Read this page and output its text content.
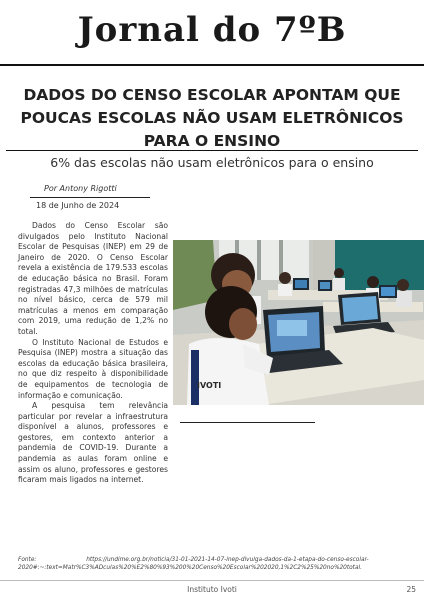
Jornal do 7ºB
DADOS DO CENSO ESCOLAR APONTAM QUE POUCAS ESCOLAS NÃO USAM ELETRÔNICOS PARA O ENSINO
6% das escolas não usam eletrônicos para o ensino
Por Antony Rigotti
18 de Junho de 2024

Dados do Censo Escolar são divulgados pelo Instituto Nacional Escolar de Pesquisas (INEP) em 29 de Janeiro de 2020. O Censo Escolar revela a existência de 179.533 escolas de educação básica no Brasil. Foram registradas 47,3 milhões de matrículas no nível básico, cerca de 579 mil matrículas a menos em comparação com 2019, uma redução de 1,2% no total.

O Instituto Nacional de Estudos e Pesquisa (INEP) mostra a situação das escolas da educação básica brasileira, no que diz respeito à disponibilidade de equipamentos de tecnologia de informação e comunicação.

A pesquisa tem relevância particular por revelar a infraestrutura disponível a alunos, professores e gestores, em contexto anterior a pandemia de COVID-19. Durante a pandemia as aulas foram online e assim os aluno, professores e gestores ficaram mais ligados na internet.

IVOTI
Fonte:	https://undime.org.br/noticia/31-01-2021-14-07-inep-divulga-dados-da-1-etapa-do-censo-escolar-2020#:~:text=Matr%C3%ADculas%20%E2%80%93%200%20Censo%20Escolar%202020,1%2C2%25%20no%20total.
Instituto Ivoti	25
